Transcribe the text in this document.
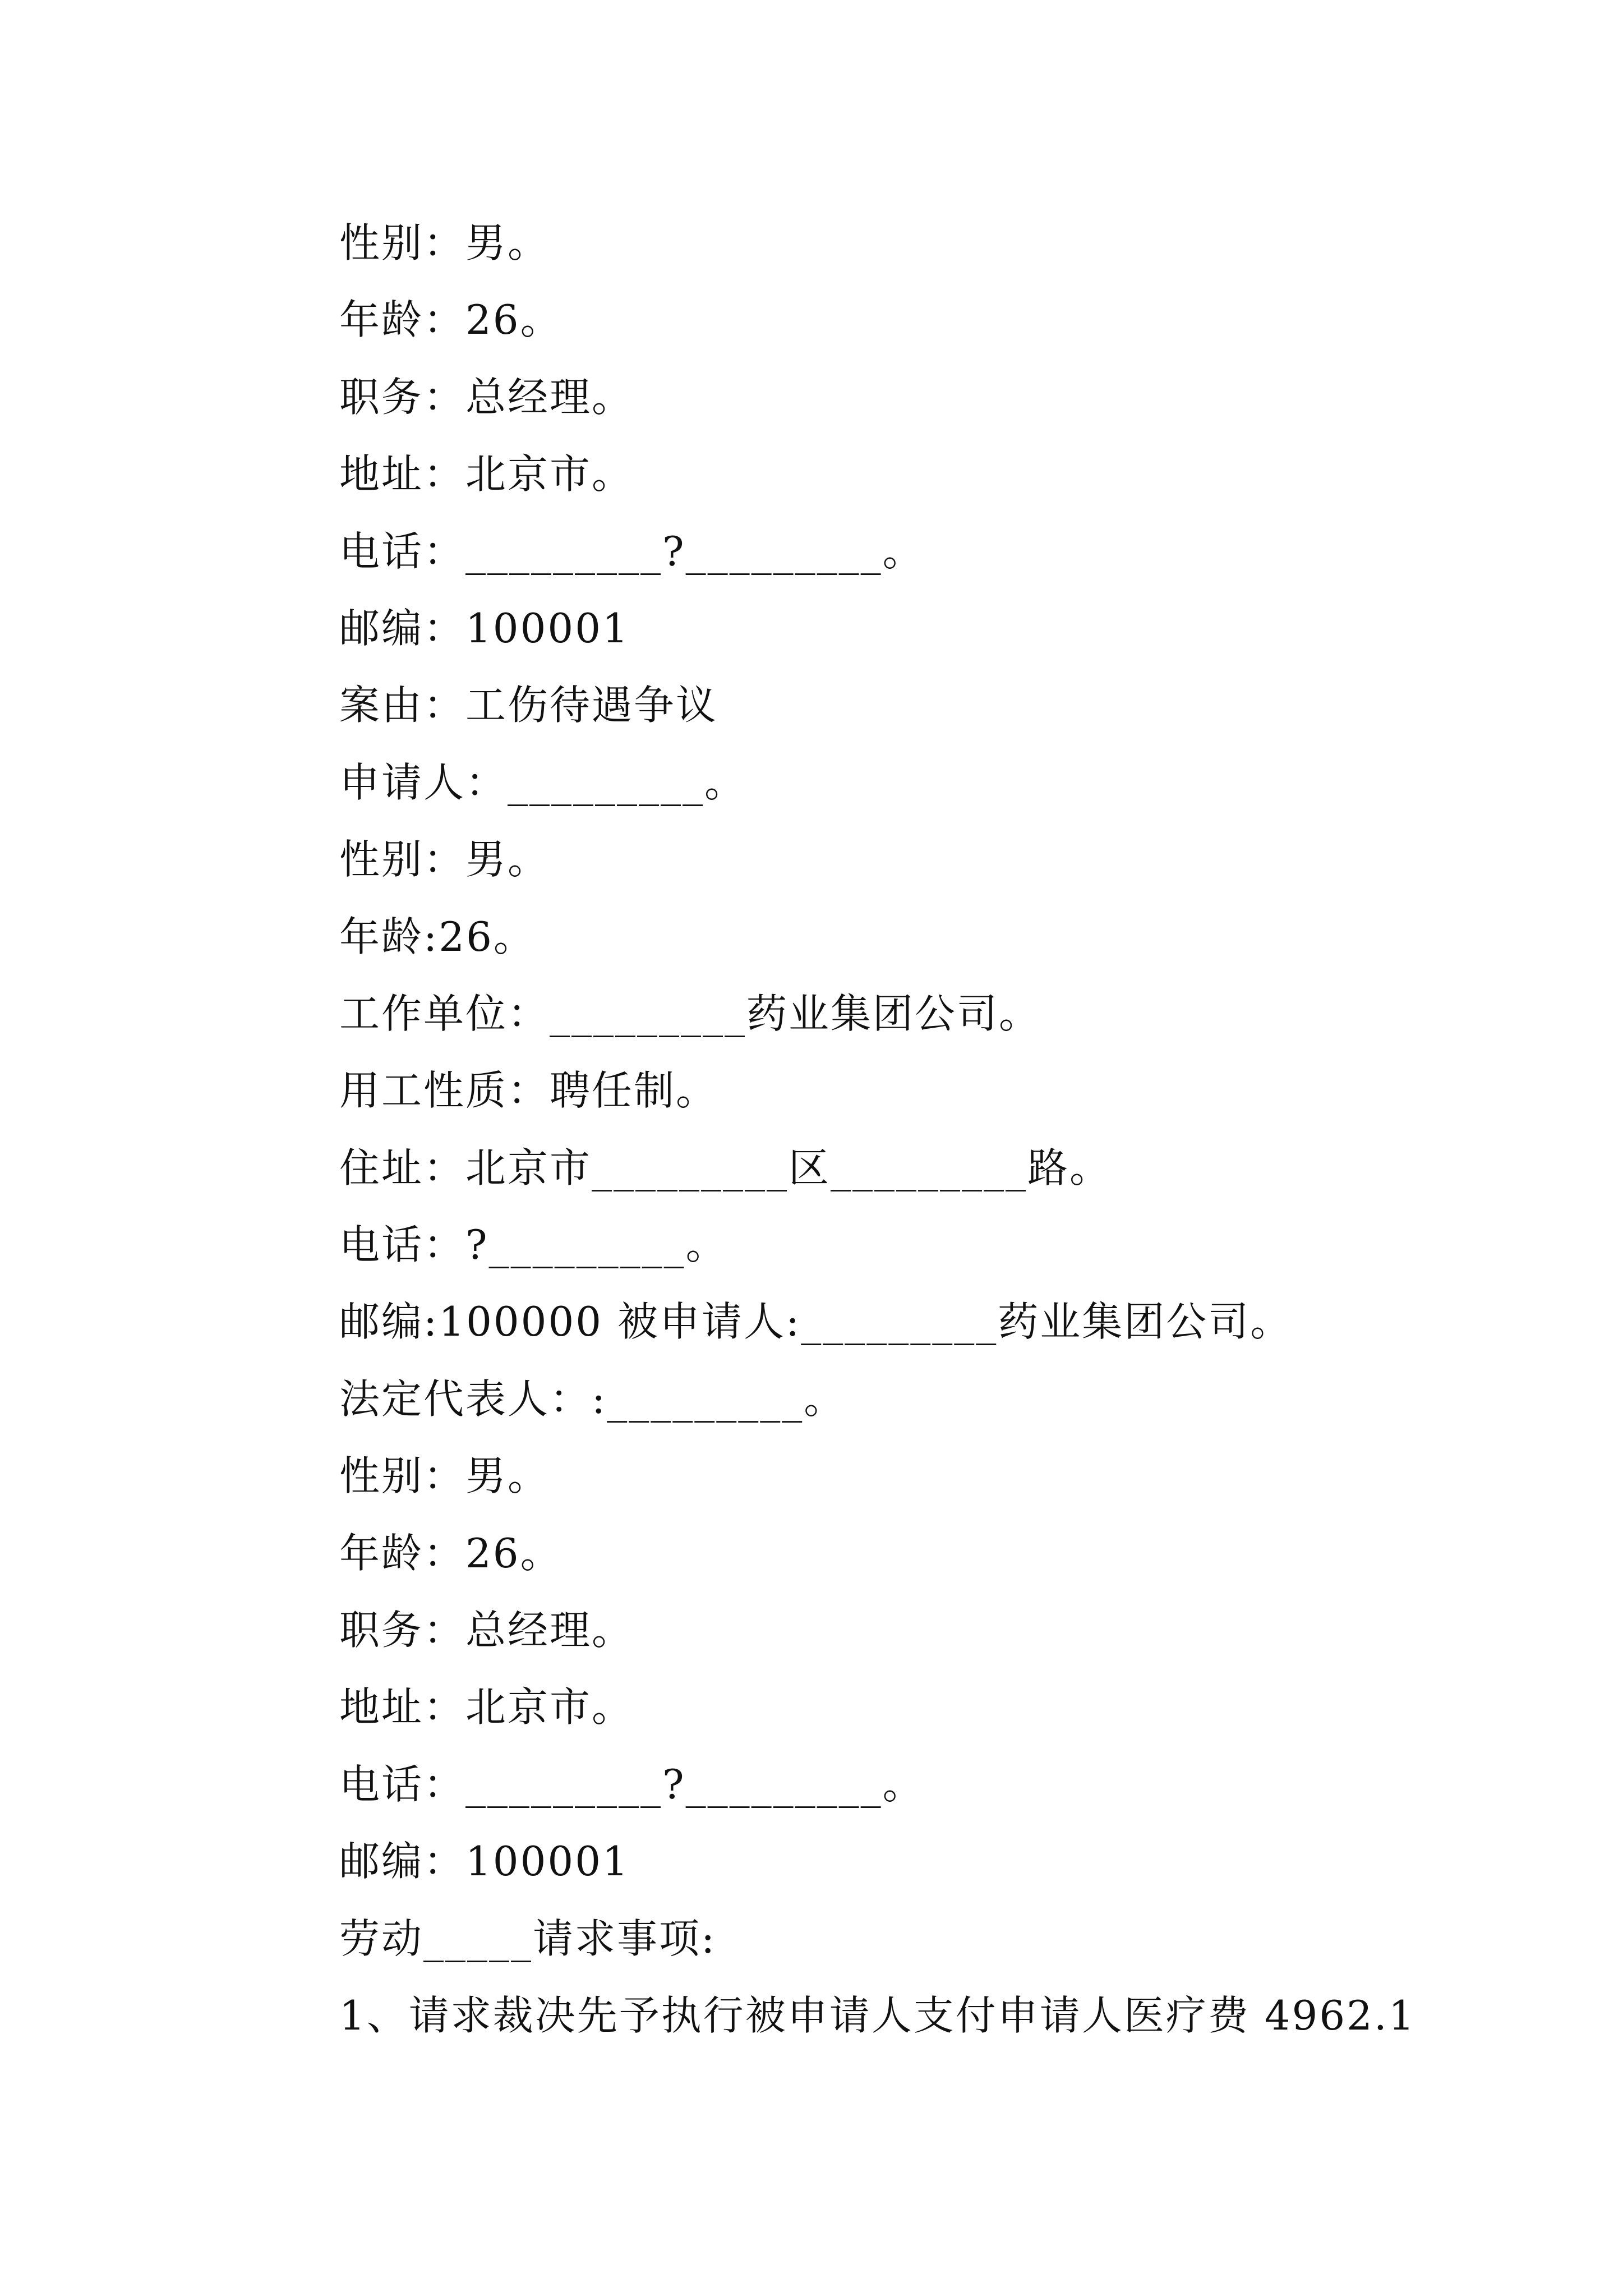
性别：男。
年龄：26。
职务：总经理。
地址：北京市。
电话：_________?_________。
邮编：100001
案由：工伤待遇争议
申请人：_________。
性别：男。
年龄:26。
工作单位：_________药业集团公司。
用工性质：聘任制。
住址：北京市_________区_________路。
电话：?_________。
邮编:100000 被申请人:_________药业集团公司。
法定代表人：:_________。
性别：男。
年龄：26。
职务：总经理。
地址：北京市。
电话：_________?_________。
邮编：100001
劳动_____请求事项:
1、请求裁决先予执行被申请人支付申请人医疗费 4962.1
